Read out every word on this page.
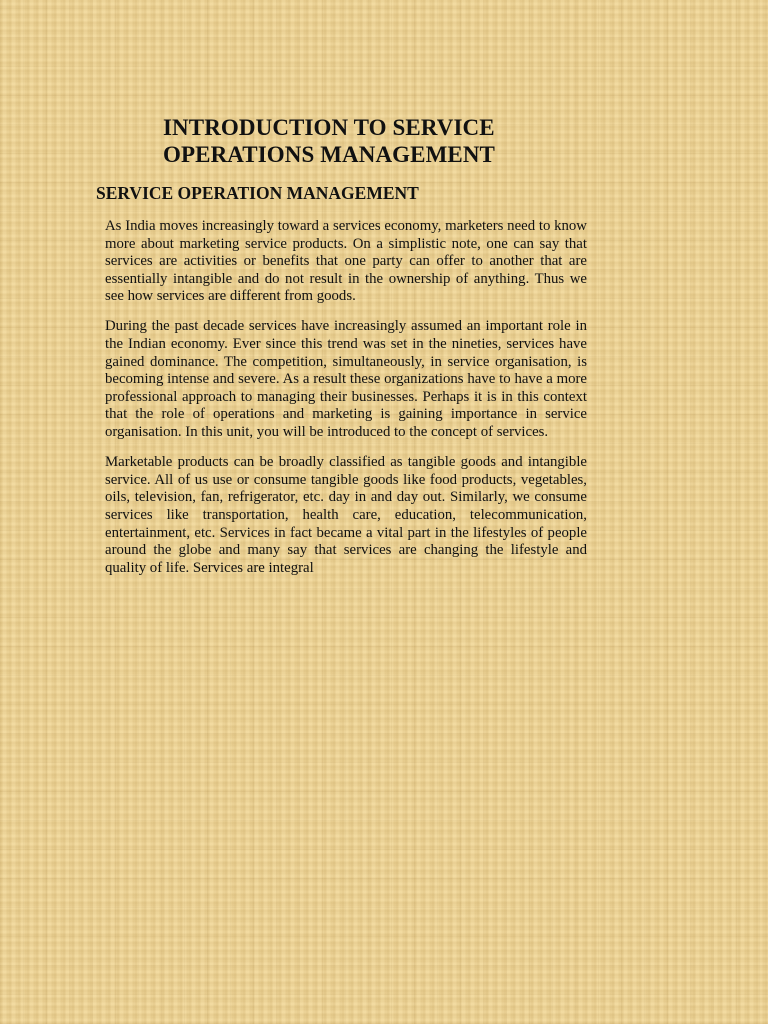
INTRODUCTION TO SERVICE OPERATIONS MANAGEMENT
SERVICE OPERATION MANAGEMENT

As India moves increasingly toward a services economy, marketers need to know more about marketing service products. On a simplistic note, one can say that services are activities or benefits that one party can offer to another that are essentially intangible and do not result in the ownership of anything. Thus we see how services are different from goods.

During the past decade services have increasingly assumed an important role in the Indian economy. Ever since this trend was set in the nineties, services have gained dominance. The competition, simultaneously, in service organisation, is becoming intense and severe. As a result these organizations have to have a more professional approach to managing their businesses. Perhaps it is in this context that the role of operations and marketing is gaining importance in service organisation. In this unit, you will be introduced to the concept of services.

Marketable products can be broadly classified as tangible goods and intangible service. All of us use or consume tangible goods like food products, vegetables, oils, television, fan, refrigerator, etc. day in and day out. Similarly, we consume services like transportation, health care, education, telecommunication, entertainment, etc. Services in fact became a vital part in the lifestyles of people around the globe and many say that services are changing the lifestyle and quality of life. Services are integral
